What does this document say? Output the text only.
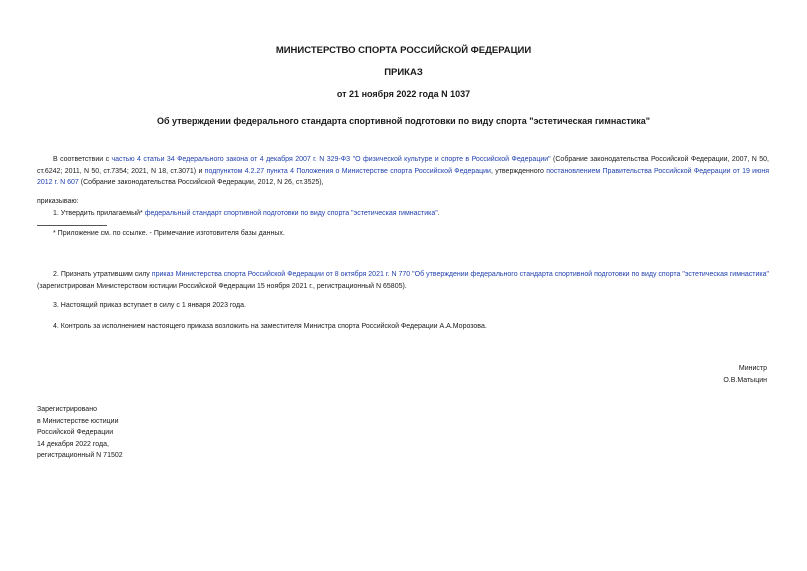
МИНИСТЕРСТВО СПОРТА РОССИЙСКОЙ ФЕДЕРАЦИИ
ПРИКАЗ
от 21 ноября 2022 года N 1037
Об утверждении федерального стандарта спортивной подготовки по виду спорта "эстетическая гимнастика"
В соответствии с частью 4 статьи 34 Федерального закона от 4 декабря 2007 г. N 329-ФЗ "О физической культуре и спорте в Российской Федерации" (Собрание законодательства Российской Федерации, 2007, N 50, ст.6242; 2011, N 50, ст.7354; 2021, N 18, ст.3071) и подпунктом 4.2.27 пункта 4 Положения о Министерстве спорта Российской Федерации, утвержденного постановлением Правительства Российской Федерации от 19 июня 2012 г. N 607 (Собрание законодательства Российской Федерации, 2012, N 26, ст.3525),
приказываю:
1. Утвердить прилагаемый* федеральный стандарт спортивной подготовки по виду спорта "эстетическая гимнастика".
* Приложение см. по ссылке. - Примечание изготовителя базы данных.
2. Признать утратившим силу приказ Министерства спорта Российской Федерации от 8 октября 2021 г. N 770 "Об утверждении федерального стандарта спортивной подготовки по виду спорта "эстетическая гимнастика" (зарегистрирован Министерством юстиции Российской Федерации 15 ноября 2021 г., регистрационный N 65805).
3. Настоящий приказ вступает в силу с 1 января 2023 года.
4. Контроль за исполнением настоящего приказа возложить на заместителя Министра спорта Российской Федерации А.А.Морозова.
Министр
О.В.Матыцин
Зарегистрировано
в Министерстве юстиции
Российской Федерации
14 декабря 2022 года,
регистрационный N 71502
